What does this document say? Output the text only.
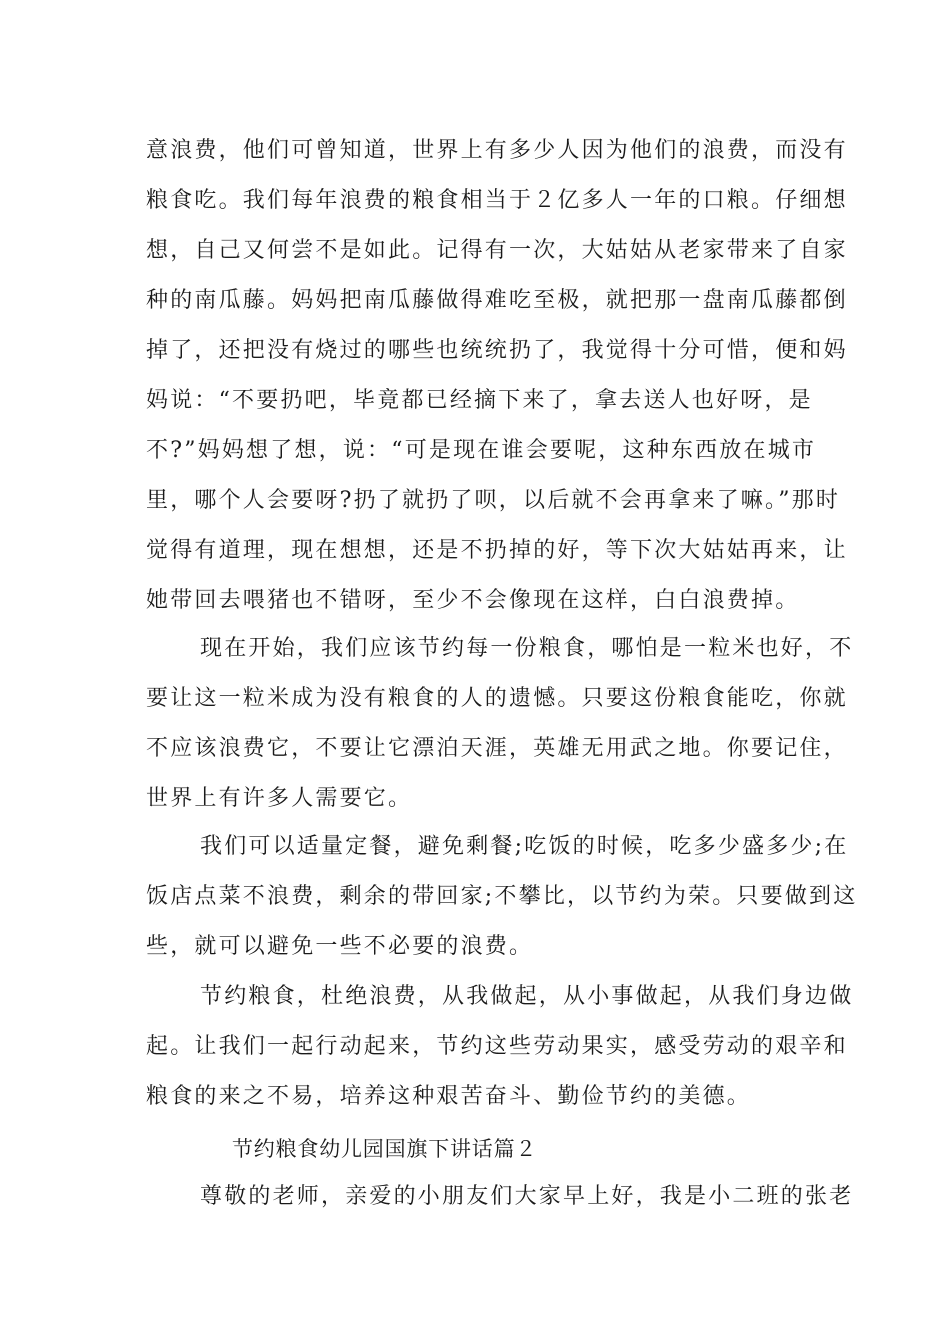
意浪费，他们可曾知道，世界上有多少人因为他们的浪费，而没有
粮食吃。我们每年浪费的粮食相当于２亿多人一年的口粮。仔细想
想，自己又何尝不是如此。记得有一次，大姑姑从老家带来了自家
种的南瓜藤。妈妈把南瓜藤做得难吃至极，就把那一盘南瓜藤都倒
掉了，还把没有烧过的哪些也统统扔了，我觉得十分可惜，便和妈
妈说：“不要扔吧，毕竟都已经摘下来了，拿去送人也好呀，是
不?”妈妈想了想，说：“可是现在谁会要呢，这种东西放在城市
里，哪个人会要呀?扔了就扔了呗，以后就不会再拿来了嘛。”那时
觉得有道理，现在想想，还是不扔掉的好，等下次大姑姑再来，让
她带回去喂猪也不错呀，至少不会像现在这样，白白浪费掉。
现在开始，我们应该节约每一份粮食，哪怕是一粒米也好，不
要让这一粒米成为没有粮食的人的遗憾。只要这份粮食能吃，你就
不应该浪费它，不要让它漂泊天涯，英雄无用武之地。你要记住，
世界上有许多人需要它。
我们可以适量定餐，避免剩餐;吃饭的时候，吃多少盛多少;在
饭店点菜不浪费，剩余的带回家;不攀比，以节约为荣。只要做到这
些，就可以避免一些不必要的浪费。
节约粮食，杜绝浪费，从我做起，从小事做起，从我们身边做
起。让我们一起行动起来，节约这些劳动果实，感受劳动的艰辛和
粮食的来之不易，培养这种艰苦奋斗、勤俭节约的美德。
节约粮食幼儿园国旗下讲话篇２
尊敬的老师，亲爱的小朋友们大家早上好，我是小二班的张老
